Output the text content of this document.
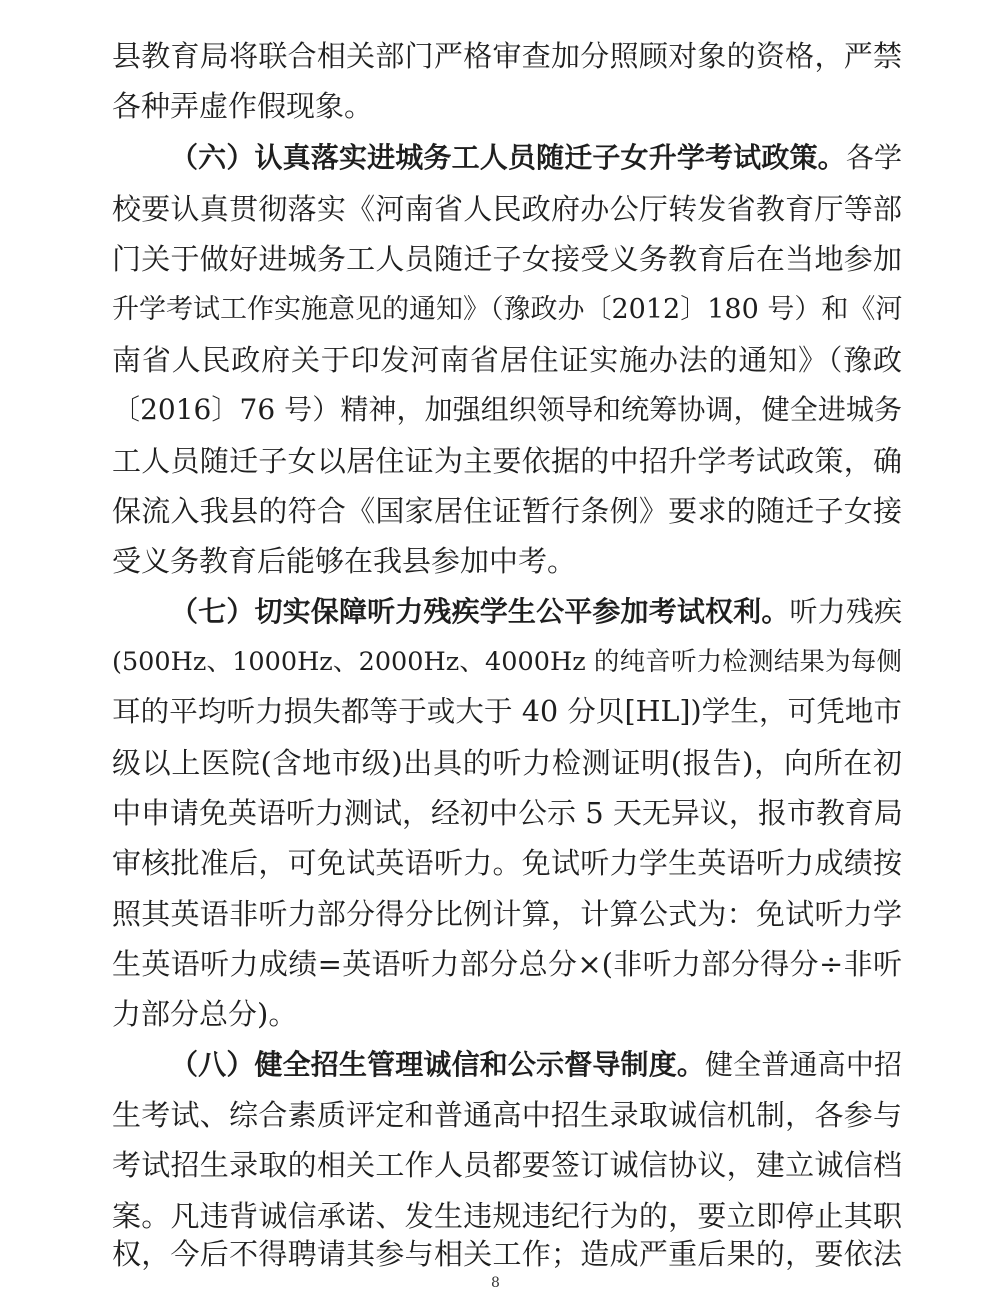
县教育局将联合相关部门严格审查加分照顾对象的资格，严禁
各种弄虚作假现象。
（六）认真落实进城务工人员随迁子女升学考试政策。各学
校要认真贯彻落实《河南省人民政府办公厅转发省教育厅等部
门关于做好进城务工人员随迁子女接受义务教育后在当地参加
升学考试工作实施意见的通知》（豫政办〔2012〕180 号）和《河
南省人民政府关于印发河南省居住证实施办法的通知》（豫政
〔2016〕76 号）精神，加强组织领导和统筹协调，健全进城务
工人员随迁子女以居住证为主要依据的中招升学考试政策，确
保流入我县的符合《国家居住证暂行条例》要求的随迁子女接
受义务教育后能够在我县参加中考。
（七）切实保障听力残疾学生公平参加考试权利。听力残疾
(500Hz、1000Hz、2000Hz、4000Hz 的纯音听力检测结果为每侧
耳的平均听力损失都等于或大于 40 分贝[HL])学生，可凭地市
级以上医院(含地市级)出具的听力检测证明(报告)，向所在初
中申请免英语听力测试，经初中公示 5 天无异议，报市教育局
审核批准后，可免试英语听力。免试听力学生英语听力成绩按
照其英语非听力部分得分比例计算，计算公式为：免试听力学
生英语听力成绩=英语听力部分总分×(非听力部分得分÷非听
力部分总分)。
（八）健全招生管理诚信和公示督导制度。健全普通高中招
生考试、综合素质评定和普通高中招生录取诚信机制，各参与
考试招生录取的相关工作人员都要签订诚信协议，建立诚信档
案。凡违背诚信承诺、发生违规违纪行为的，要立即停止其职
权，今后不得聘请其参与相关工作；造成严重后果的，要依法
8
